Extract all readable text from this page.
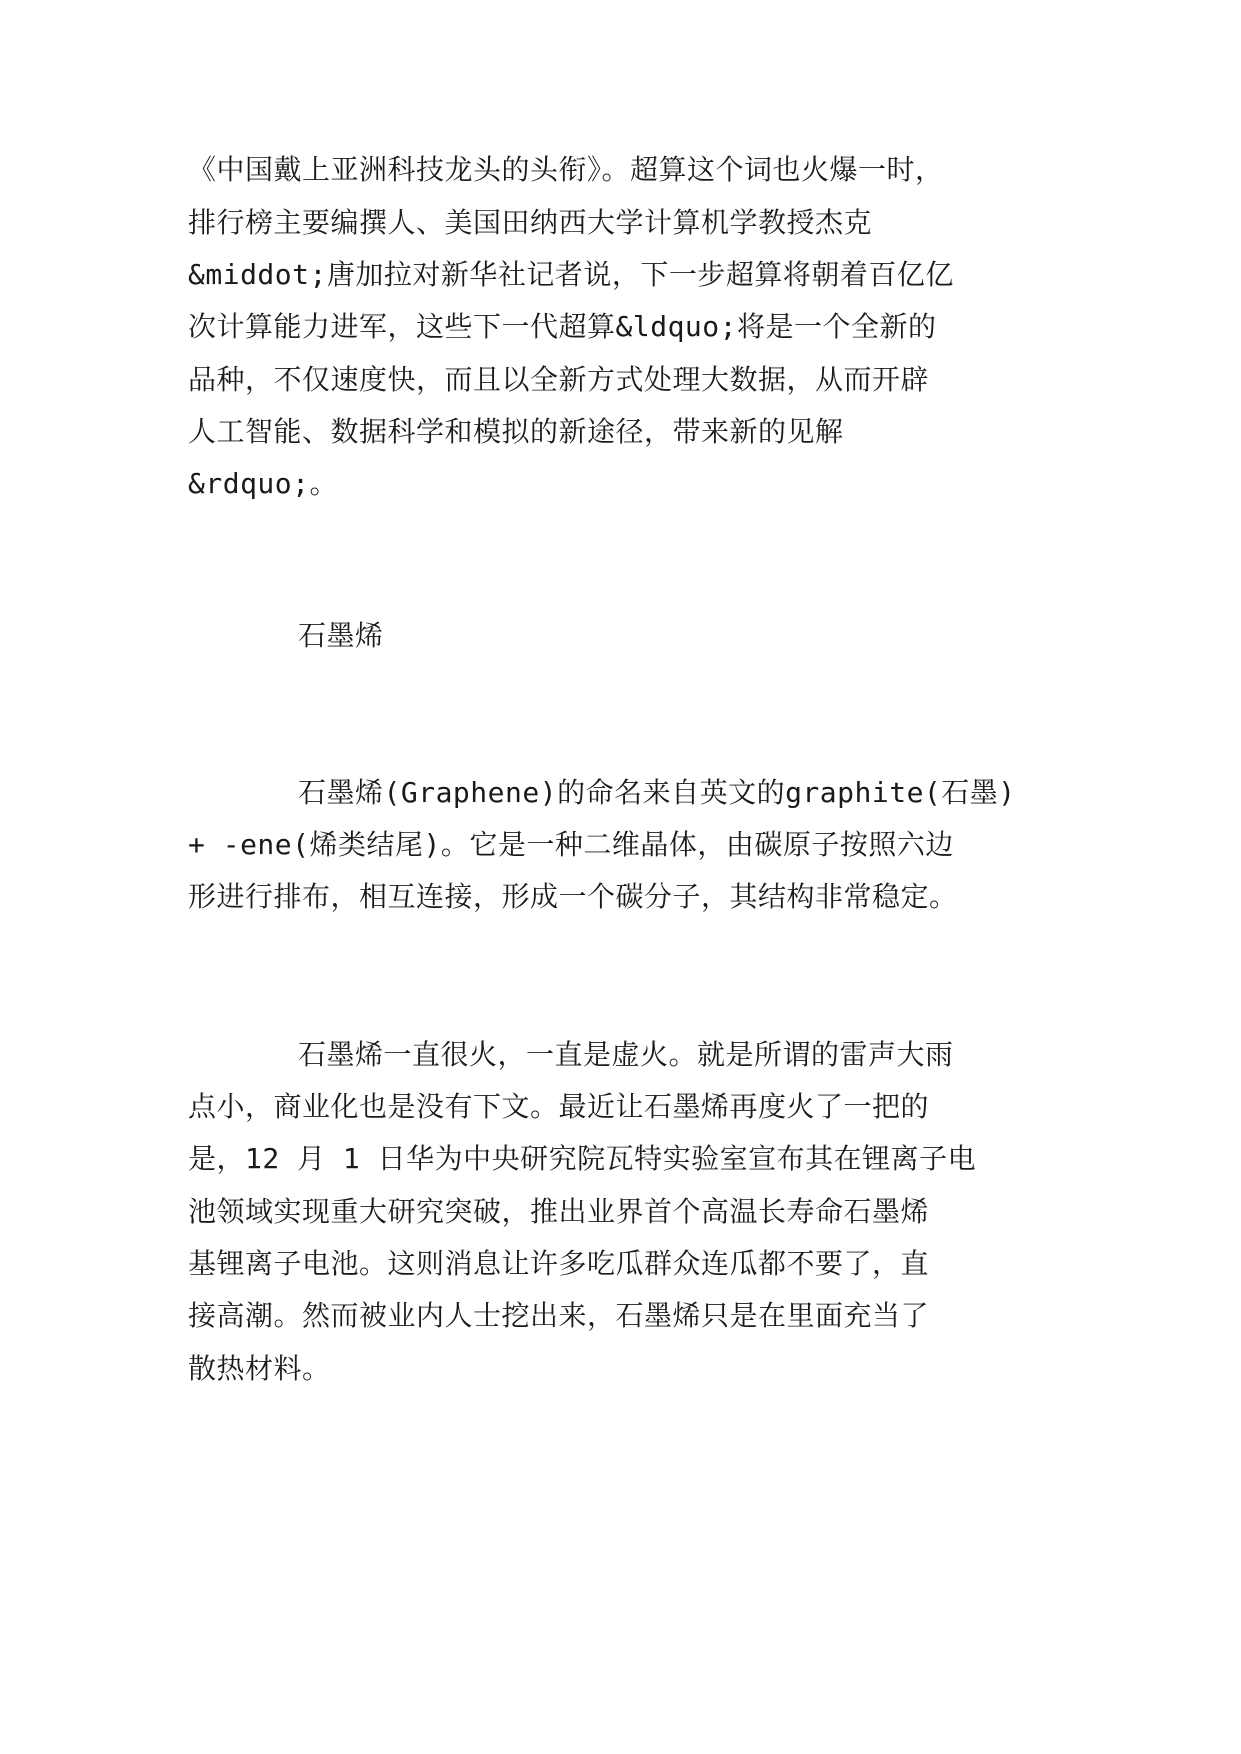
《中国戴上亚洲科技龙头的头衔》。超算这个词也火爆一时，
排行榜主要编撰人、美国田纳西大学计算机学教授杰克
&middot;唐加拉对新华社记者说，下一步超算将朝着百亿亿
次计算能力进军，这些下一代超算&ldquo;将是一个全新的
品种，不仅速度快，而且以全新方式处理大数据，从而开辟
人工智能、数据科学和模拟的新途径，带来新的见解
&rdquo;。
石墨烯
石墨烯(Graphene)的命名来自英文的graphite(石墨)
+ -ene(烯类结尾)。它是一种二维晶体，由碳原子按照六边
形进行排布，相互连接，形成一个碳分子，其结构非常稳定。
石墨烯一直很火，一直是虚火。就是所谓的雷声大雨
点小，商业化也是没有下文。最近让石墨烯再度火了一把的
是，12 月 1 日华为中央研究院瓦特实验室宣布其在锂离子电
池领域实现重大研究突破，推出业界首个高温长寿命石墨烯
基锂离子电池。这则消息让许多吃瓜群众连瓜都不要了，直
接高潮。然而被业内人士挖出来，石墨烯只是在里面充当了
散热材料。
